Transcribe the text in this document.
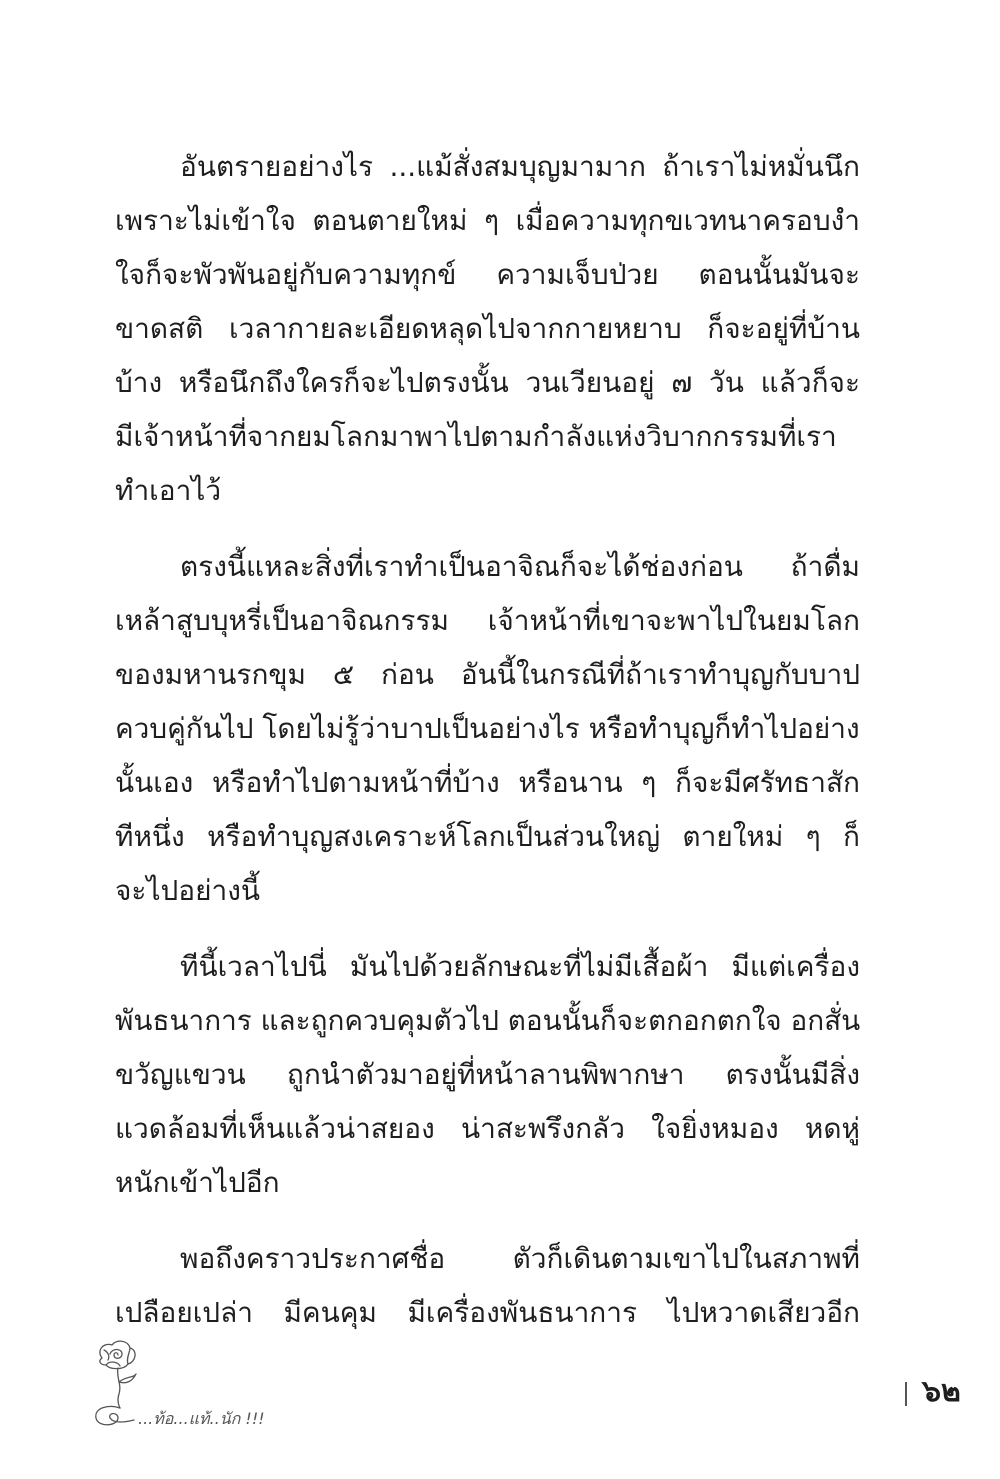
อันตรายอย่างไร ...แม้สั่งสมบุญมามาก ถ้าเราไม่หมั่นนึก
เพราะไม่เข้าใจ ตอนตายใหม่ ๆ เมื่อความทุกขเวทนาครอบงำ
ใจก็จะพัวพันอยู่กับความทุกข์ ความเจ็บป่วย ตอนนั้นมันจะ
ขาดสติ เวลากายละเอียดหลุดไปจากกายหยาบ ก็จะอยู่ที่บ้าน
บ้าง หรือนึกถึงใครก็จะไปตรงนั้น วนเวียนอยู่ ๗ วัน แล้วก็จะ
มีเจ้าหน้าที่จากยมโลกมาพาไปตามกำลังแห่งวิบากกรรมที่เรา
ทำเอาไว้
ตรงนี้แหละสิ่งที่เราทำเป็นอาจิณก็จะได้ช่องก่อน ถ้าดื่ม
เหล้าสูบบุหรี่เป็นอาจิณกรรม เจ้าหน้าที่เขาจะพาไปในยมโลก
ของมหานรกขุม ๕ ก่อน อันนี้ในกรณีที่ถ้าเราทำบุญกับบาป
ควบคู่กันไป โดยไม่รู้ว่าบาปเป็นอย่างไร หรือทำบุญก็ทำไปอย่าง
นั้นเอง หรือทำไปตามหน้าที่บ้าง หรือนาน ๆ ก็จะมีศรัทธาสัก
ทีหนึ่ง หรือทำบุญสงเคราะห์โลกเป็นส่วนใหญ่ ตายใหม่ ๆ ก็
จะไปอย่างนี้
ทีนี้เวลาไปนี่ มันไปด้วยลักษณะที่ไม่มีเสื้อผ้า มีแต่เครื่อง
พันธนาการ และถูกควบคุมตัวไป ตอนนั้นก็จะตกอกตกใจ อกสั่น
ขวัญแขวน ถูกนำตัวมาอยู่ที่หน้าลานพิพากษา ตรงนั้นมีสิ่ง
แวดล้อมที่เห็นแล้วน่าสยอง น่าสะพรึงกลัว ใจยิ่งหมอง หดหู่
หนักเข้าไปอีก
พอถึงคราวประกาศชื่อ ตัวก็เดินตามเขาไปในสภาพที่
เปลือยเปล่า มีคนคุม มีเครื่องพันธนาการ ไปหวาดเสียวอีก
...ท้อ...แท้..นัก !!!
๖๒
